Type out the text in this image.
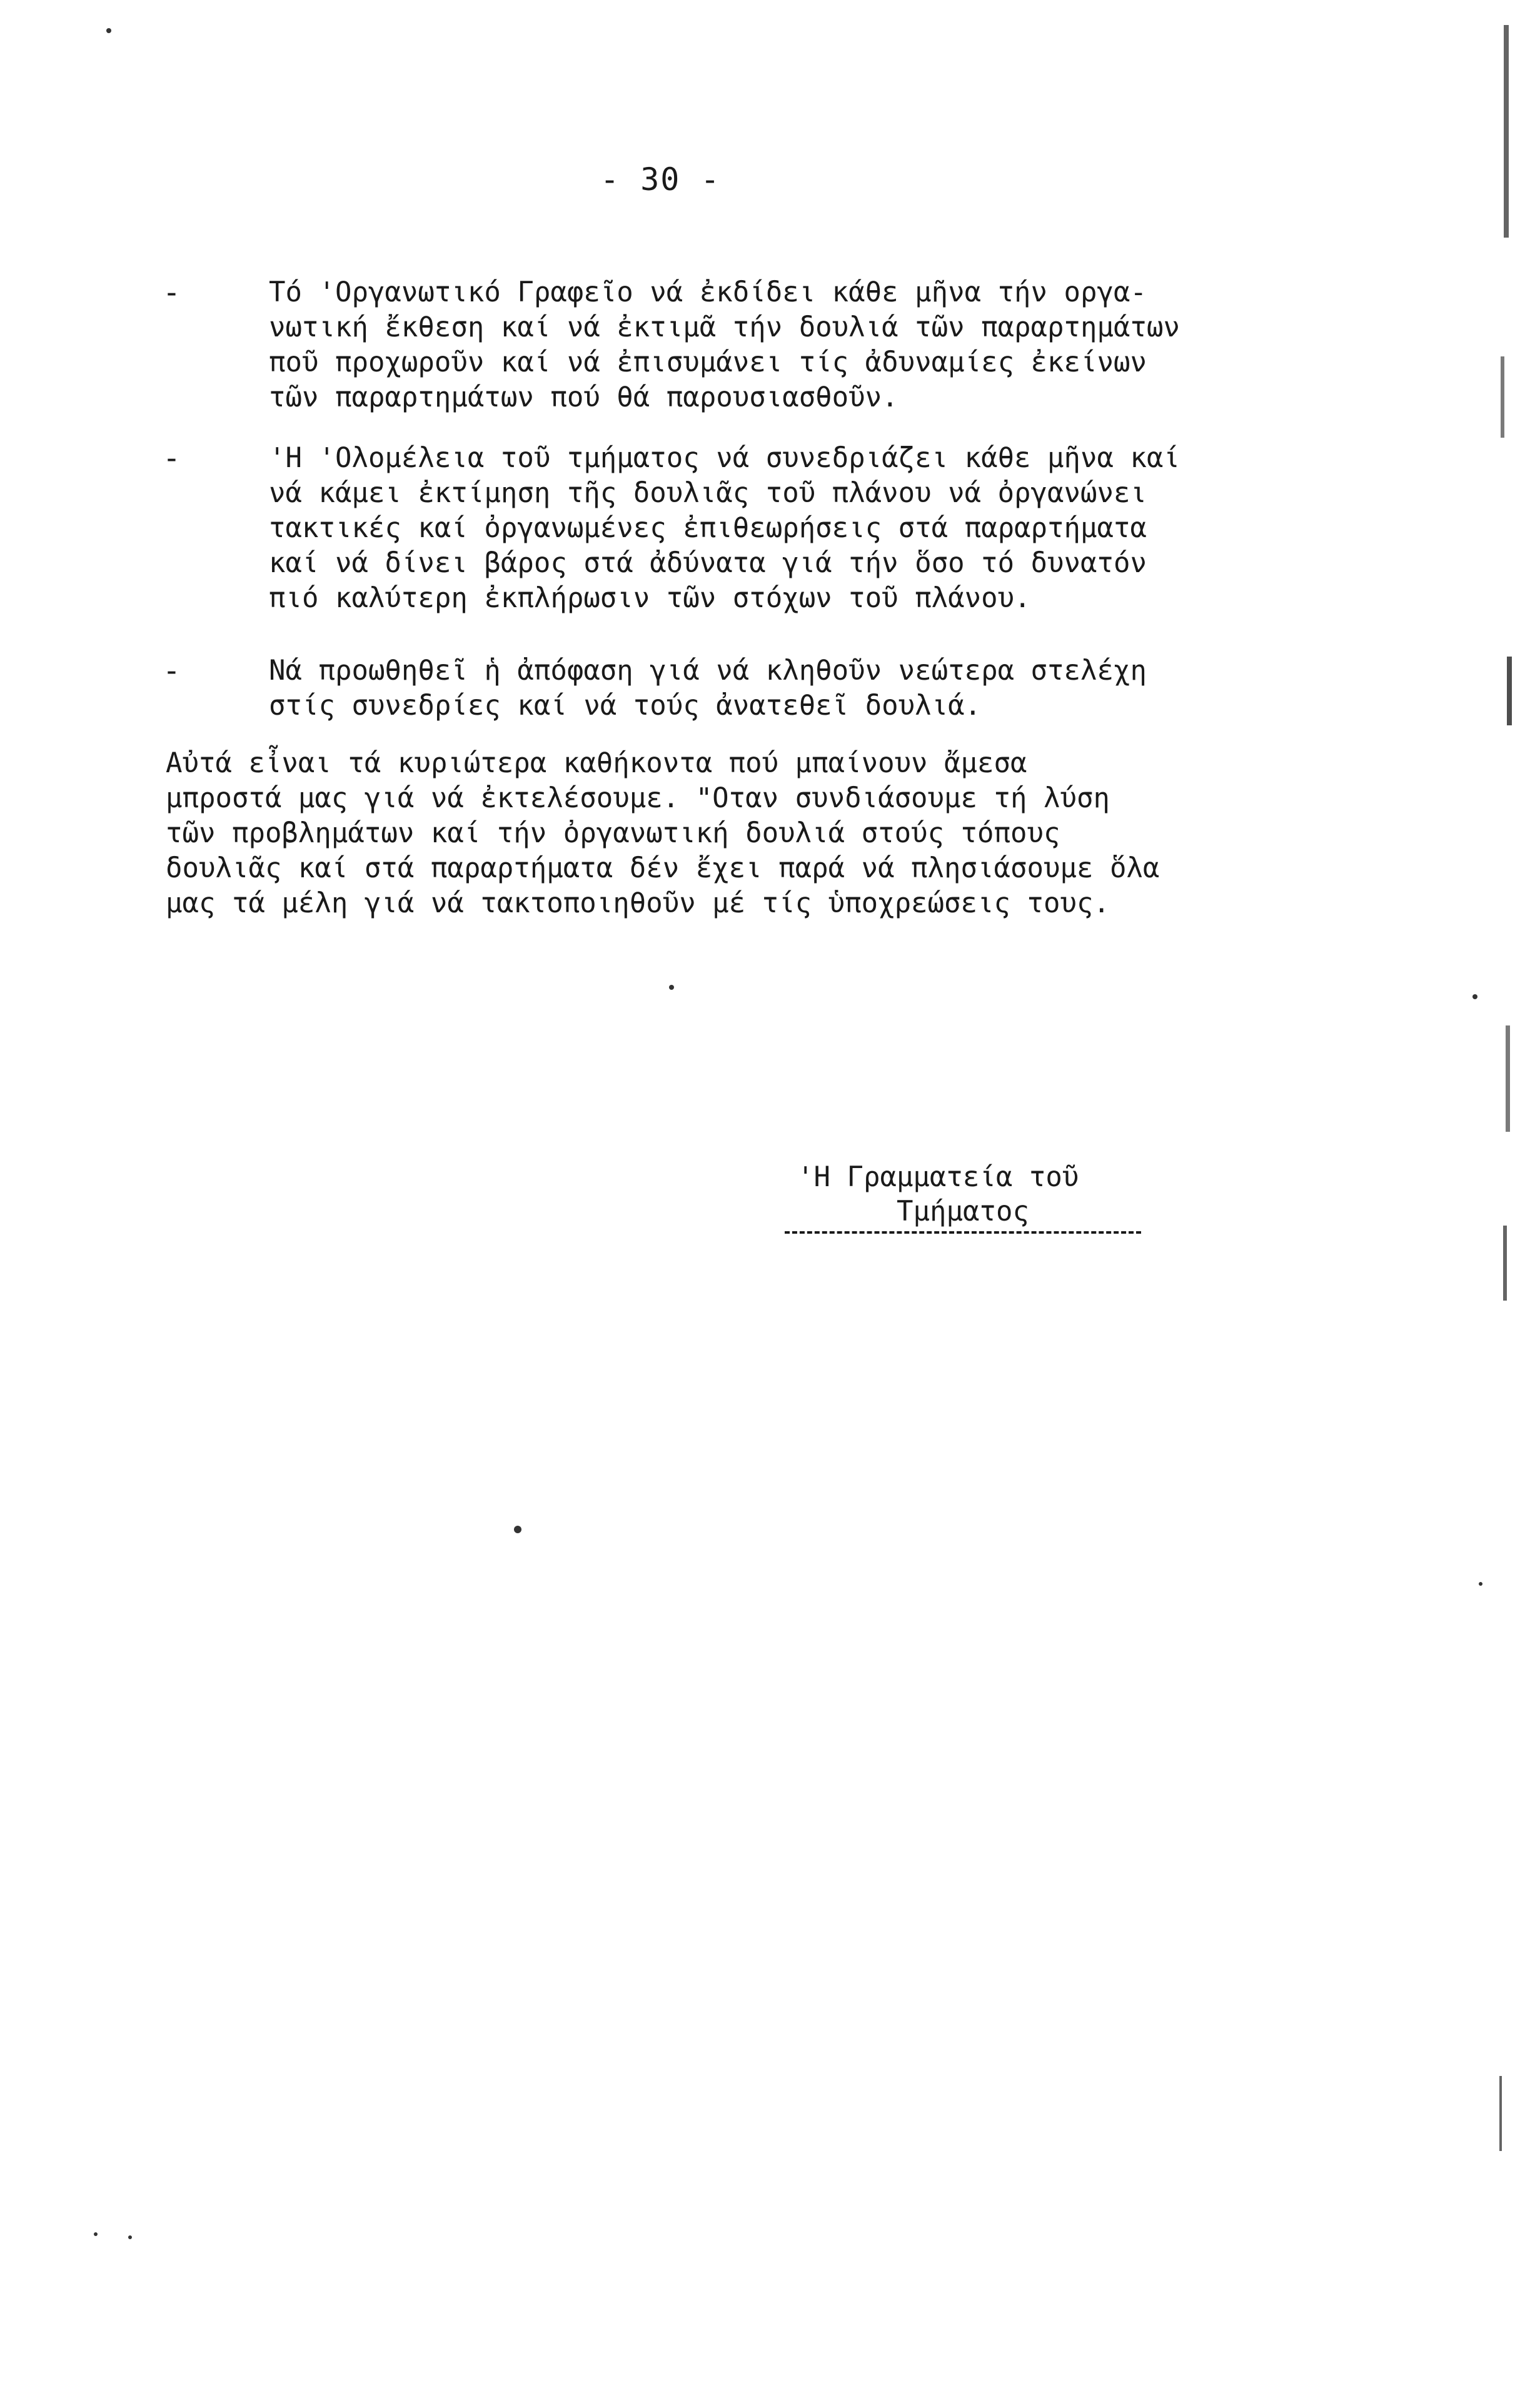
- 30 -
-	Τό 'Οργανωτικό Γραφεῖο νά ἐκδίδει κάθε μῆνα τήν οργα-
νωτική ἔκθεση καί νά ἐκτιμᾶ τήν δουλιά τῶν παραρτημάτων
ποῦ προχωροῦν καί νά ἐπισυμάνει τίς ἀδυναμίες ἐκείνων
τῶν παραρτημάτων πού θά παρουσιασθοῦν.
-	'Η 'Ολομέλεια τοῦ τμήματος νά συνεδριάζει κάθε μῆνα καί
νά κάμει ἐκτίμηση τῆς δουλιᾶς τοῦ πλάνου νά ὀργανώνει
τακτικές καί ὀργανωμένες ἐπιθεωρήσεις στά παραρτήματα
καί νά δίνει βάρος στά ἀδύνατα γιά τήν ὅσο τό δυνατόν
πιό καλύτερη ἐκπλήρωσιν τῶν στόχων τοῦ πλάνου.
-	Νά προωθηθεῖ ἡ ἀπόφαση γιά νά κληθοῦν νεώτερα στελέχη
στίς συνεδρίες καί νά τούς ἀνατεθεῖ δουλιά.
Αὐτά εἶναι τά κυριώτερα καθήκοντα πού μπαίνουν ἄμεσα
μπροστά μας γιά νά ἐκτελέσουμε. "Οταν συνδιάσουμε τή λύση
τῶν προβλημάτων καί τήν ὀργανωτική δουλιά στούς τόπους
δουλιᾶς καί στά παραρτήματα δέν ἔχει παρά νά πλησιάσουμε ὅλα
μας τά μέλη γιά νά τακτοποιηθοῦν μέ τίς ὑποχρεώσεις τους.
'Η Γραμματεία τοῦ
Τμήματος
